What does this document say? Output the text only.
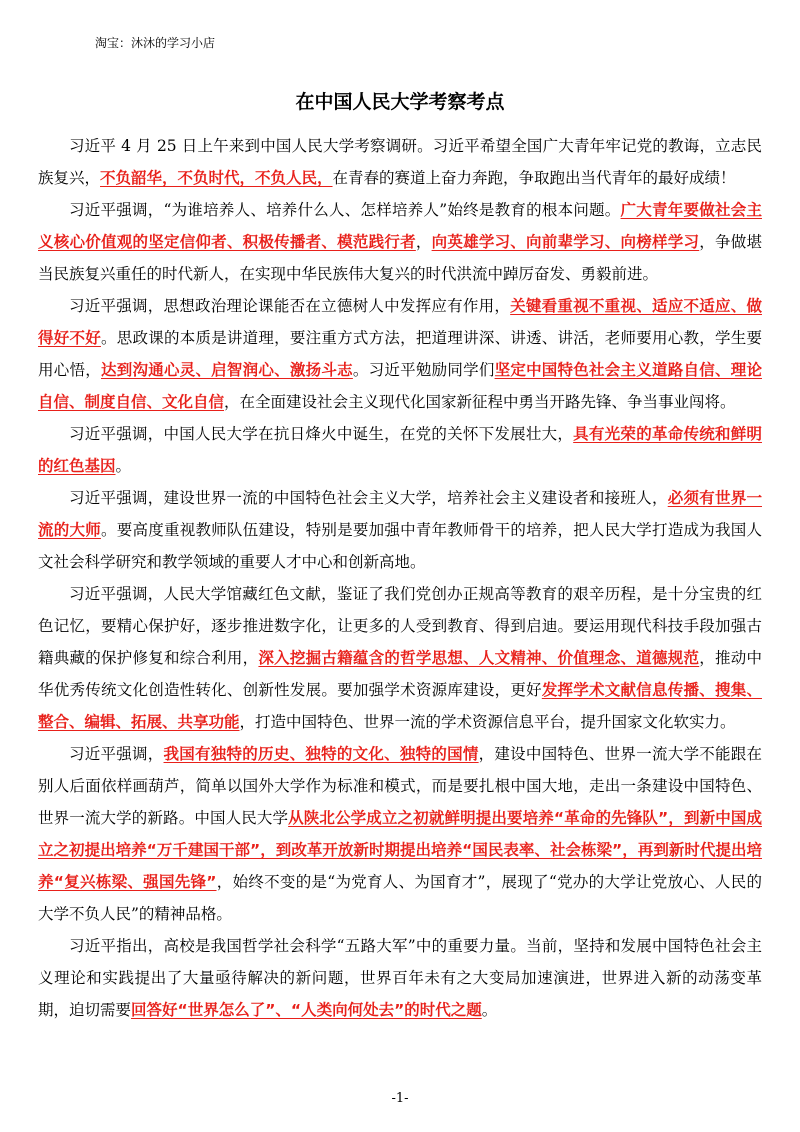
淘宝：沐沐的学习小店
在中国人民大学考察考点

习近平 4 月 25 日上午来到中国人民大学考察调研。习近平希望全国广大青年牢记党的教诲，立志民族复兴，不负韶华，不负时代，不负人民，在青春的赛道上奋力奔跑，争取跑出当代青年的最好成绩！

习近平强调，“为谁培养人、培养什么人、怎样培养人”始终是教育的根本问题。广大青年要做社会主义核心价值观的坚定信仰者、积极传播者、模范践行者，向英雄学习、向前辈学习、向榜样学习，争做堪当民族复兴重任的时代新人，在实现中华民族伟大复兴的时代洪流中踔厉奋发、勇毅前进。

习近平强调，思想政治理论课能否在立德树人中发挥应有作用，关键看重视不重视、适应不适应、做得好不好。思政课的本质是讲道理，要注重方式方法，把道理讲深、讲透、讲活，老师要用心教，学生要用心悟，达到沟通心灵、启智润心、激扬斗志。习近平勉励同学们坚定中国特色社会主义道路自信、理论自信、制度自信、文化自信，在全面建设社会主义现代化国家新征程中勇当开路先锋、争当事业闯将。

习近平强调，中国人民大学在抗日烽火中诞生，在党的关怀下发展壮大，具有光荣的革命传统和鲜明的红色基因。

习近平强调，建设世界一流的中国特色社会主义大学，培养社会主义建设者和接班人，必须有世界一流的大师。要高度重视教师队伍建设，特别是要加强中青年教师骨干的培养，把人民大学打造成为我国人文社会科学研究和教学领域的重要人才中心和创新高地。

习近平强调，人民大学馆藏红色文献，鉴证了我们党创办正规高等教育的艰辛历程，是十分宝贵的红色记忆，要精心保护好，逐步推进数字化，让更多的人受到教育、得到启迪。要运用现代科技手段加强古籍典藏的保护修复和综合利用，深入挖掘古籍蕴含的哲学思想、人文精神、价值理念、道德规范，推动中华优秀传统文化创造性转化、创新性发展。要加强学术资源库建设，更好发挥学术文献信息传播、搜集、整合、编辑、拓展、共享功能，打造中国特色、世界一流的学术资源信息平台，提升国家文化软实力。

习近平强调，我国有独特的历史、独特的文化、独特的国情，建设中国特色、世界一流大学不能跟在别人后面依样画葫芦，简单以国外大学作为标准和模式，而是要扎根中国大地，走出一条建设中国特色、世界一流大学的新路。中国人民大学从陕北公学成立之初就鲜明提出要培养“革命的先锋队”，到新中国成立之初提出培养“万千建国干部”，到改革开放新时期提出培养“国民表率、社会栋梁”，再到新时代提出培养“复兴栋梁、强国先锋”，始终不变的是“为党育人、为国育才”，展现了“党办的大学让党放心、人民的大学不负人民”的精神品格。

习近平指出，高校是我国哲学社会科学“五路大军”中的重要力量。当前，坚持和发展中国特色社会主义理论和实践提出了大量亟待解决的新问题，世界百年未有之大变局加速演进，世界进入新的动荡变革期，迫切需要回答好“世界怎么了”、“人类向何处去”的时代之题。

-1-
